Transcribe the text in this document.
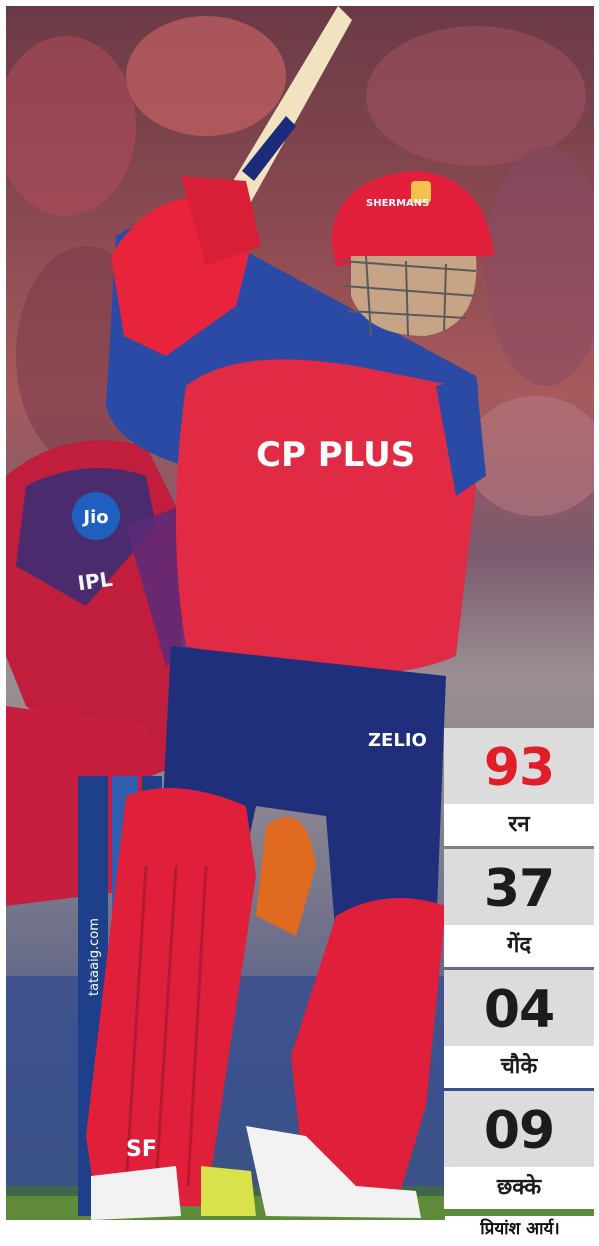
Jio
IPL
tataaig.com
SHERMANS
CP PLUS
ZELIO
SF
93
रन
37
गेंद
04
चौके
09
छक्के
प्रियांश आर्य।
